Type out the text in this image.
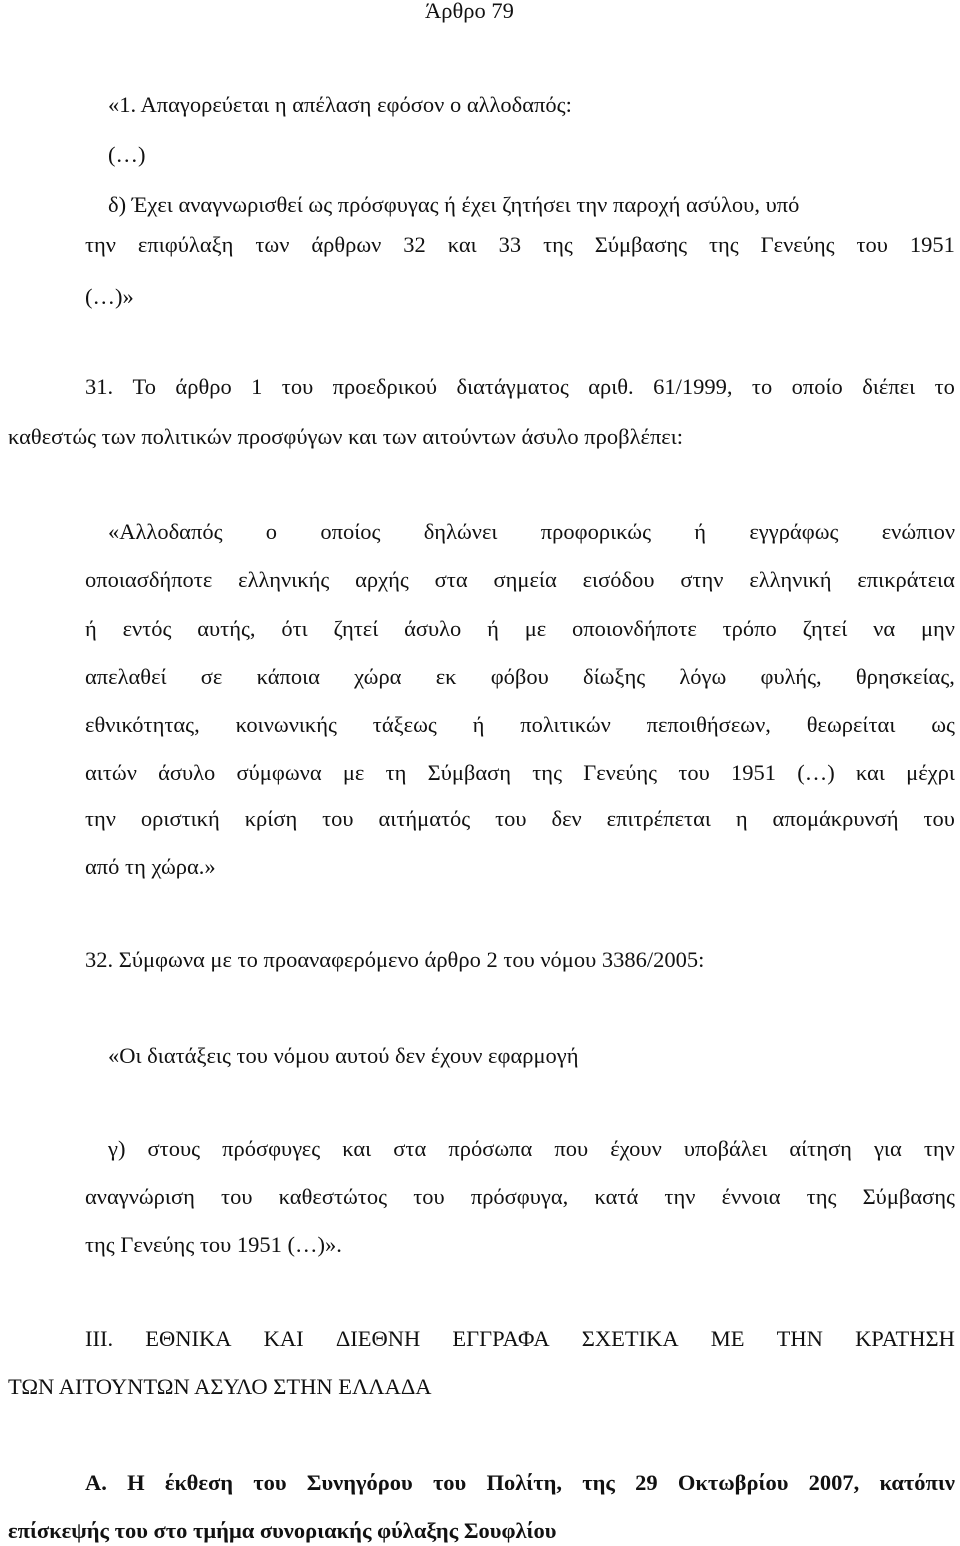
Άρθρο 79
«1. Απαγορεύεται η απέλαση εφόσον ο αλλοδαπός:
(…)
δ) Έχει αναγνωρισθεί ως πρόσφυγας ή έχει ζητήσει την παροχή ασύλου, υπό
την επιφύλαξη των άρθρων 32 και 33 της Σύμβασης της Γενεύης του 1951
(…)»
31. Το άρθρο 1 του προεδρικού διατάγματος αριθ. 61/1999, το οποίο διέπει το
καθεστώς των πολιτικών προσφύγων και των αιτούντων άσυλο προβλέπει:
«Αλλοδαπός ο οποίος δηλώνει προφορικώς ή εγγράφως ενώπιον
οποιασδήποτε ελληνικής αρχής στα σημεία εισόδου στην ελληνική επικράτεια
ή εντός αυτής, ότι ζητεί άσυλο ή με οποιονδήποτε τρόπο ζητεί να μην
απελαθεί σε κάποια χώρα εκ φόβου δίωξης λόγω φυλής, θρησκείας,
εθνικότητας, κοινωνικής τάξεως ή πολιτικών πεποιθήσεων, θεωρείται ως
αιτών άσυλο σύμφωνα με τη Σύμβαση της Γενεύης του 1951 (…) και μέχρι
την οριστική κρίση του αιτήματός του δεν επιτρέπεται η απομάκρυνσή του
από τη χώρα.»
32. Σύμφωνα με το προαναφερόμενο άρθρο 2 του νόμου 3386/2005:
«Οι διατάξεις του νόμου αυτού δεν έχουν εφαρμογή
γ) στους πρόσφυγες και στα πρόσωπα που έχουν υποβάλει αίτηση για την
αναγνώριση του καθεστώτος του πρόσφυγα, κατά την έννοια της Σύμβασης
της Γενεύης του 1951 (…)».
ΙΙΙ. ΕΘΝΙΚΑ ΚΑΙ ΔΙΕΘΝΗ ΕΓΓΡΑΦΑ ΣΧΕΤΙΚΑ ΜΕ ΤΗΝ ΚΡΑΤΗΣΗ
ΤΩΝ ΑΙΤΟΥΝΤΩΝ ΑΣΥΛΟ ΣΤΗΝ ΕΛΛΑΔΑ
Α. Η έκθεση του Συνηγόρου του Πολίτη, της 29 Οκτωβρίου 2007, κατόπιν
επίσκεψής του στο τμήμα συνοριακής φύλαξης Σουφλίου
